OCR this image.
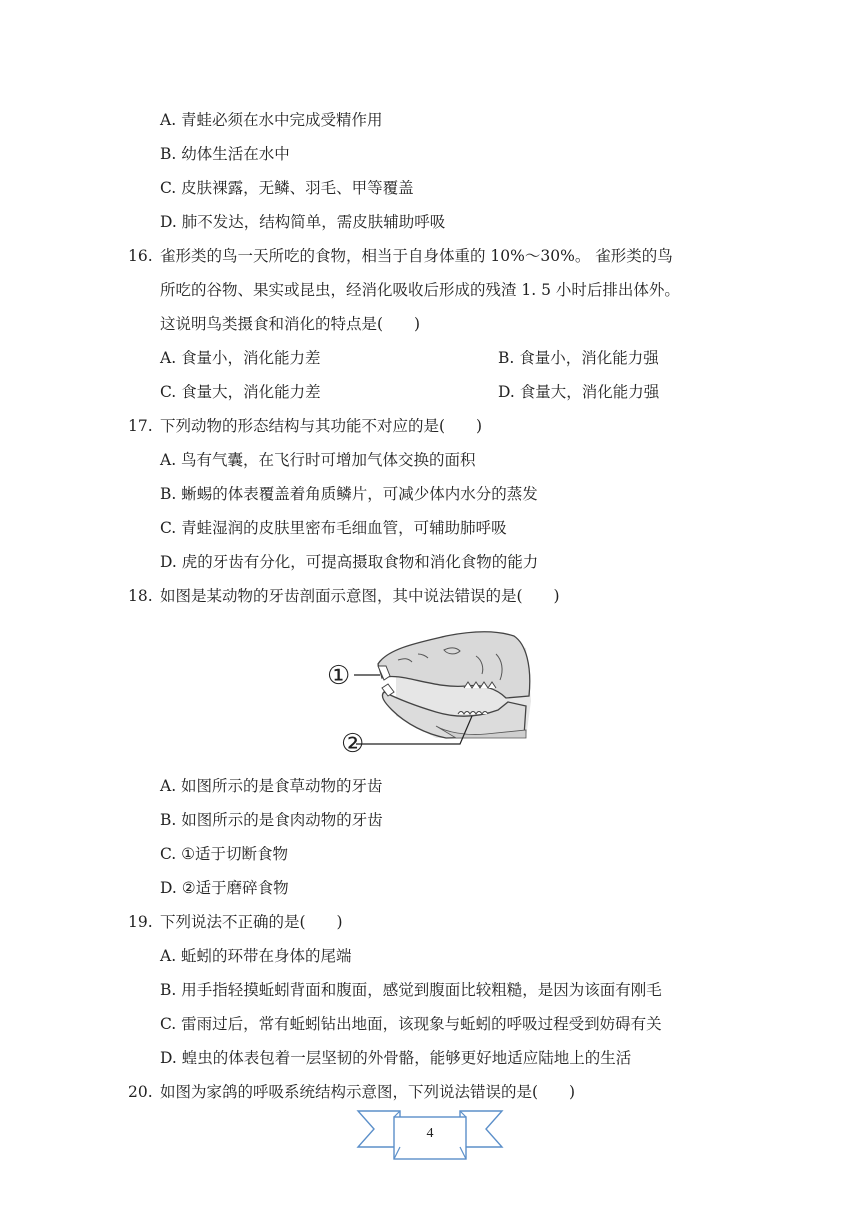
A. 青蛙必须在水中完成受精作用
B. 幼体生活在水中
C. 皮肤裸露，无鳞、羽毛、甲等覆盖
D. 肺不发达，结构简单，需皮肤辅助呼吸
16. 雀形类的鸟一天所吃的食物，相当于自身体重的 10%～30%。 雀形类的鸟
所吃的谷物、果实或昆虫，经消化吸收后形成的残渣 1. 5 小时后排出体外。
这说明鸟类摄食和消化的特点是(　　)
A. 食量小，消化能力差	B. 食量小，消化能力强
C. 食量大，消化能力差	D. 食量大，消化能力强
17. 下列动物的形态结构与其功能不对应的是(　　)
A. 鸟有气囊，在飞行时可增加气体交换的面积
B. 蜥蜴的体表覆盖着角质鳞片，可减少体内水分的蒸发
C. 青蛙湿润的皮肤里密布毛细血管，可辅助肺呼吸
D. 虎的牙齿有分化，可提高摄取食物和消化食物的能力
18. 如图是某动物的牙齿剖面示意图，其中说法错误的是(　　)
①
②
A. 如图所示的是食草动物的牙齿
B. 如图所示的是食肉动物的牙齿
C. ①适于切断食物
D. ②适于磨碎食物
19. 下列说法不正确的是(　　)
A. 蚯蚓的环带在身体的尾端
B. 用手指轻摸蚯蚓背面和腹面，感觉到腹面比较粗糙，是因为该面有刚毛
C. 雷雨过后，常有蚯蚓钻出地面，该现象与蚯蚓的呼吸过程受到妨碍有关
D. 蝗虫的体表包着一层坚韧的外骨骼，能够更好地适应陆地上的生活
20. 如图为家鸽的呼吸系统结构示意图，下列说法错误的是(　　)
4
